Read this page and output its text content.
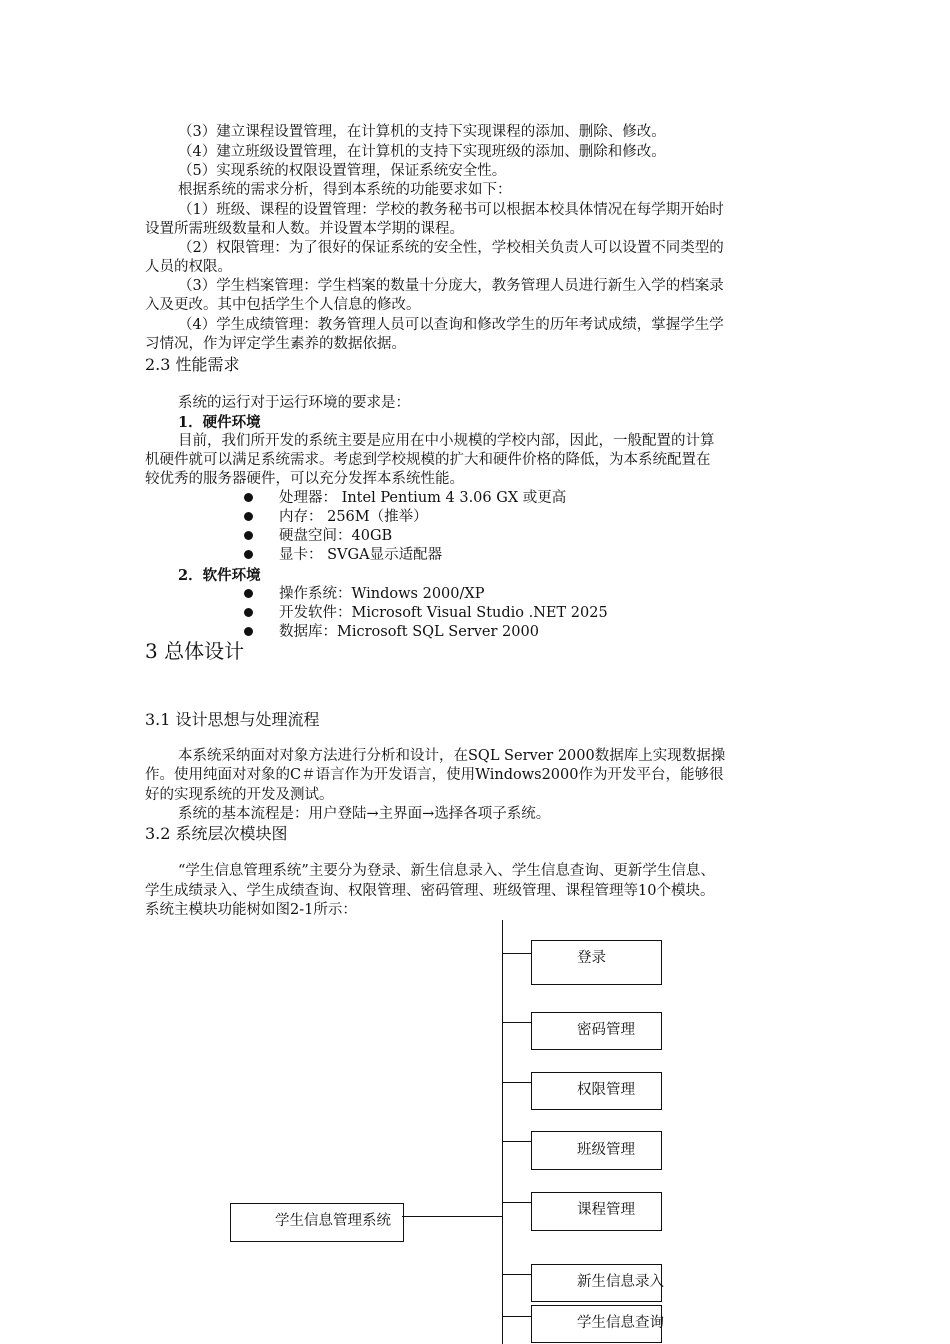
（3）建立课程设置管理，在计算机的支持下实现课程的添加、删除、修改。
（4）建立班级设置管理，在计算机的支持下实现班级的添加、删除和修改。
（5）实现系统的权限设置管理，保证系统安全性。
根据系统的需求分析，得到本系统的功能要求如下：
（1）班级、课程的设置管理：学校的教务秘书可以根据本校具体情况在每学期开始时
设置所需班级数量和人数。并设置本学期的课程。
（2）权限管理：为了很好的保证系统的安全性，学校相关负责人可以设置不同类型的
人员的权限。
（3）学生档案管理：学生档案的数量十分庞大，教务管理人员进行新生入学的档案录
入及更改。其中包括学生个人信息的修改。
（4）学生成绩管理：教务管理人员可以查询和修改学生的历年考试成绩，掌握学生学
习情况，作为评定学生素养的数据依据。
2.3 性能需求
系统的运行对于运行环境的要求是：
1．硬件环境
目前，我们所开发的系统主要是应用在中小规模的学校内部，因此，一般配置的计算
机硬件就可以满足系统需求。考虑到学校规模的扩大和硬件价格的降低，为本系统配置在
较优秀的服务器硬件，可以充分发挥本系统性能。
处理器： Intel Pentium 4 3.06 GX 或更高
内存： 256M（推举）
硬盘空间：40GB
显卡： SVGA显示适配器
2．软件环境
操作系统：Windows 2000/XP
开发软件：Microsoft Visual Studio .NET 2025
数据库：Microsoft SQL Server 2000
3 总体设计
3.1 设计思想与处理流程
本系统采纳面对对象方法进行分析和设计，在SQL Server 2000数据库上实现数据操
作。使用纯面对对象的C＃语言作为开发语言，使用Windows2000作为开发平台，能够很
好的实现系统的开发及测试。
系统的基本流程是：用户登陆→主界面→选择各项子系统。
3.2 系统层次模块图
“学生信息管理系统”主要分为登录、新生信息录入、学生信息查询、更新学生信息、
学生成绩录入、学生成绩查询、权限管理、密码管理、班级管理、课程管理等10个模块。
系统主模块功能树如图2-1所示：
学生信息管理系统
登录
密码管理
权限管理
班级管理
课程管理
新生信息录入
学生信息查询
